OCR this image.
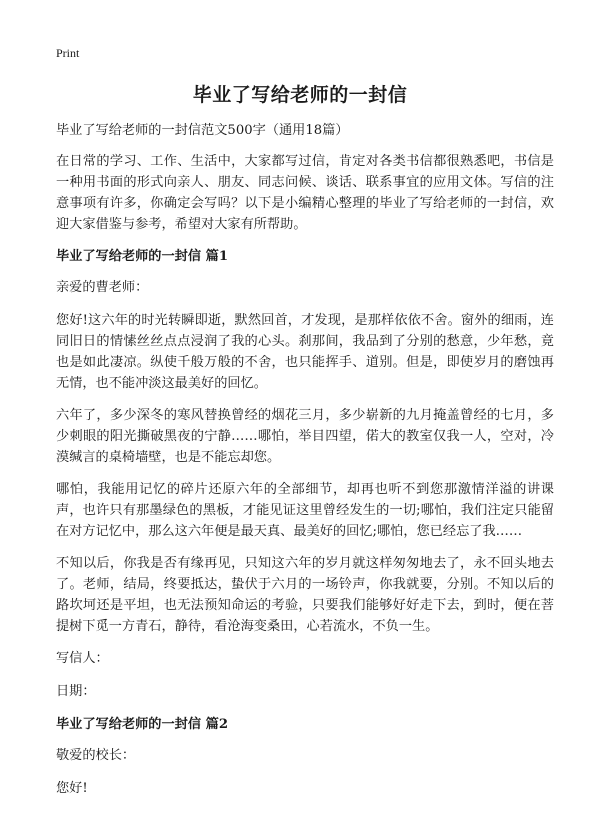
Print
毕业了写给老师的一封信

毕业了写给老师的一封信范文500字（通用18篇）

在日常的学习、工作、生活中，大家都写过信，肯定对各类书信都很熟悉吧，书信是一种用书面的形式向亲人、朋友、同志问候、谈话、联系事宜的应用文体。写信的注意事项有许多，你确定会写吗？以下是小编精心整理的毕业了写给老师的一封信，欢迎大家借鉴与参考，希望对大家有所帮助。

毕业了写给老师的一封信 篇1

亲爱的曹老师：

您好!这六年的时光转瞬即逝，默然回首，才发现，是那样依依不舍。窗外的细雨，连同旧日的情愫丝丝点点浸润了我的心头。刹那间，我品到了分别的愁意，少年愁，竟也是如此凄凉。纵使千般万般的不舍，也只能挥手、道别。但是，即使岁月的磨蚀再无情，也不能冲淡这最美好的回忆。

六年了，多少深冬的寒风替换曾经的烟花三月，多少崭新的九月掩盖曾经的七月，多少刺眼的阳光撕破黑夜的宁静……哪怕，举目四望，偌大的教室仅我一人，空对，冷漠缄言的桌椅墙壁，也是不能忘却您。

哪怕，我能用记忆的碎片还原六年的全部细节，却再也听不到您那激情洋溢的讲课声，也许只有那墨绿色的黑板，才能见证这里曾经发生的一切;哪怕，我们注定只能留在对方记忆中，那么这六年便是最天真、最美好的回忆;哪怕，您已经忘了我……

不知以后，你我是否有缘再见，只知这六年的岁月就这样匆匆地去了，永不回头地去了。老师，结局，终要抵达，蛰伏于六月的一场铃声，你我就要，分别。不知以后的路坎坷还是平坦，也无法预知命运的考验，只要我们能够好好走下去，到时，便在菩提树下觅一方青石，静待，看沧海变桑田，心若流水，不负一生。

写信人：

日期：

毕业了写给老师的一封信 篇2

敬爱的校长：

您好!
